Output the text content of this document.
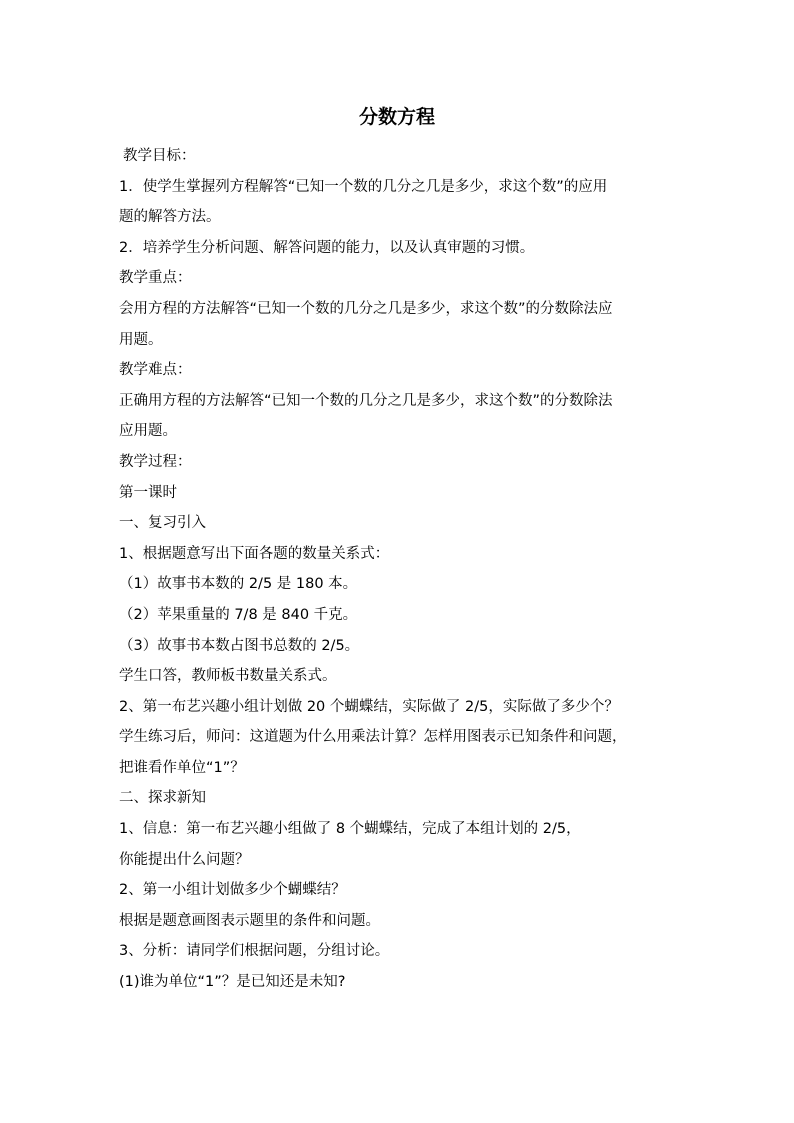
分数方程
教学目标：
1．使学生掌握列方程解答“已知一个数的几分之几是多少，求这个数”的应用
题的解答方法。
2．培养学生分析问题、解答问题的能力，以及认真审题的习惯。
教学重点：
会用方程的方法解答“已知一个数的几分之几是多少，求这个数”的分数除法应
用题。
教学难点：
正确用方程的方法解答“已知一个数的几分之几是多少，求这个数”的分数除法
应用题。
教学过程：
第一课时
一、复习引入
1、根据题意写出下面各题的数量关系式：
（1）故事书本数的 2/5 是 180 本。
（2）苹果重量的 7/8 是 840 千克。
（3）故事书本数占图书总数的 2/5。
学生口答，教师板书数量关系式。
2、第一布艺兴趣小组计划做 20 个蝴蝶结，实际做了 2/5，实际做了多少个？
学生练习后，师问：这道题为什么用乘法计算？怎样用图表示已知条件和问题，
把谁看作单位“1”？
二、探求新知
1、信息：第一布艺兴趣小组做了 8 个蝴蝶结，完成了本组计划的 2/5，
你能提出什么问题？
2、第一小组计划做多少个蝴蝶结？
根据是题意画图表示题里的条件和问题。
3、分析：请同学们根据问题，分组讨论。
(1)谁为单位“1”？是已知还是未知?
